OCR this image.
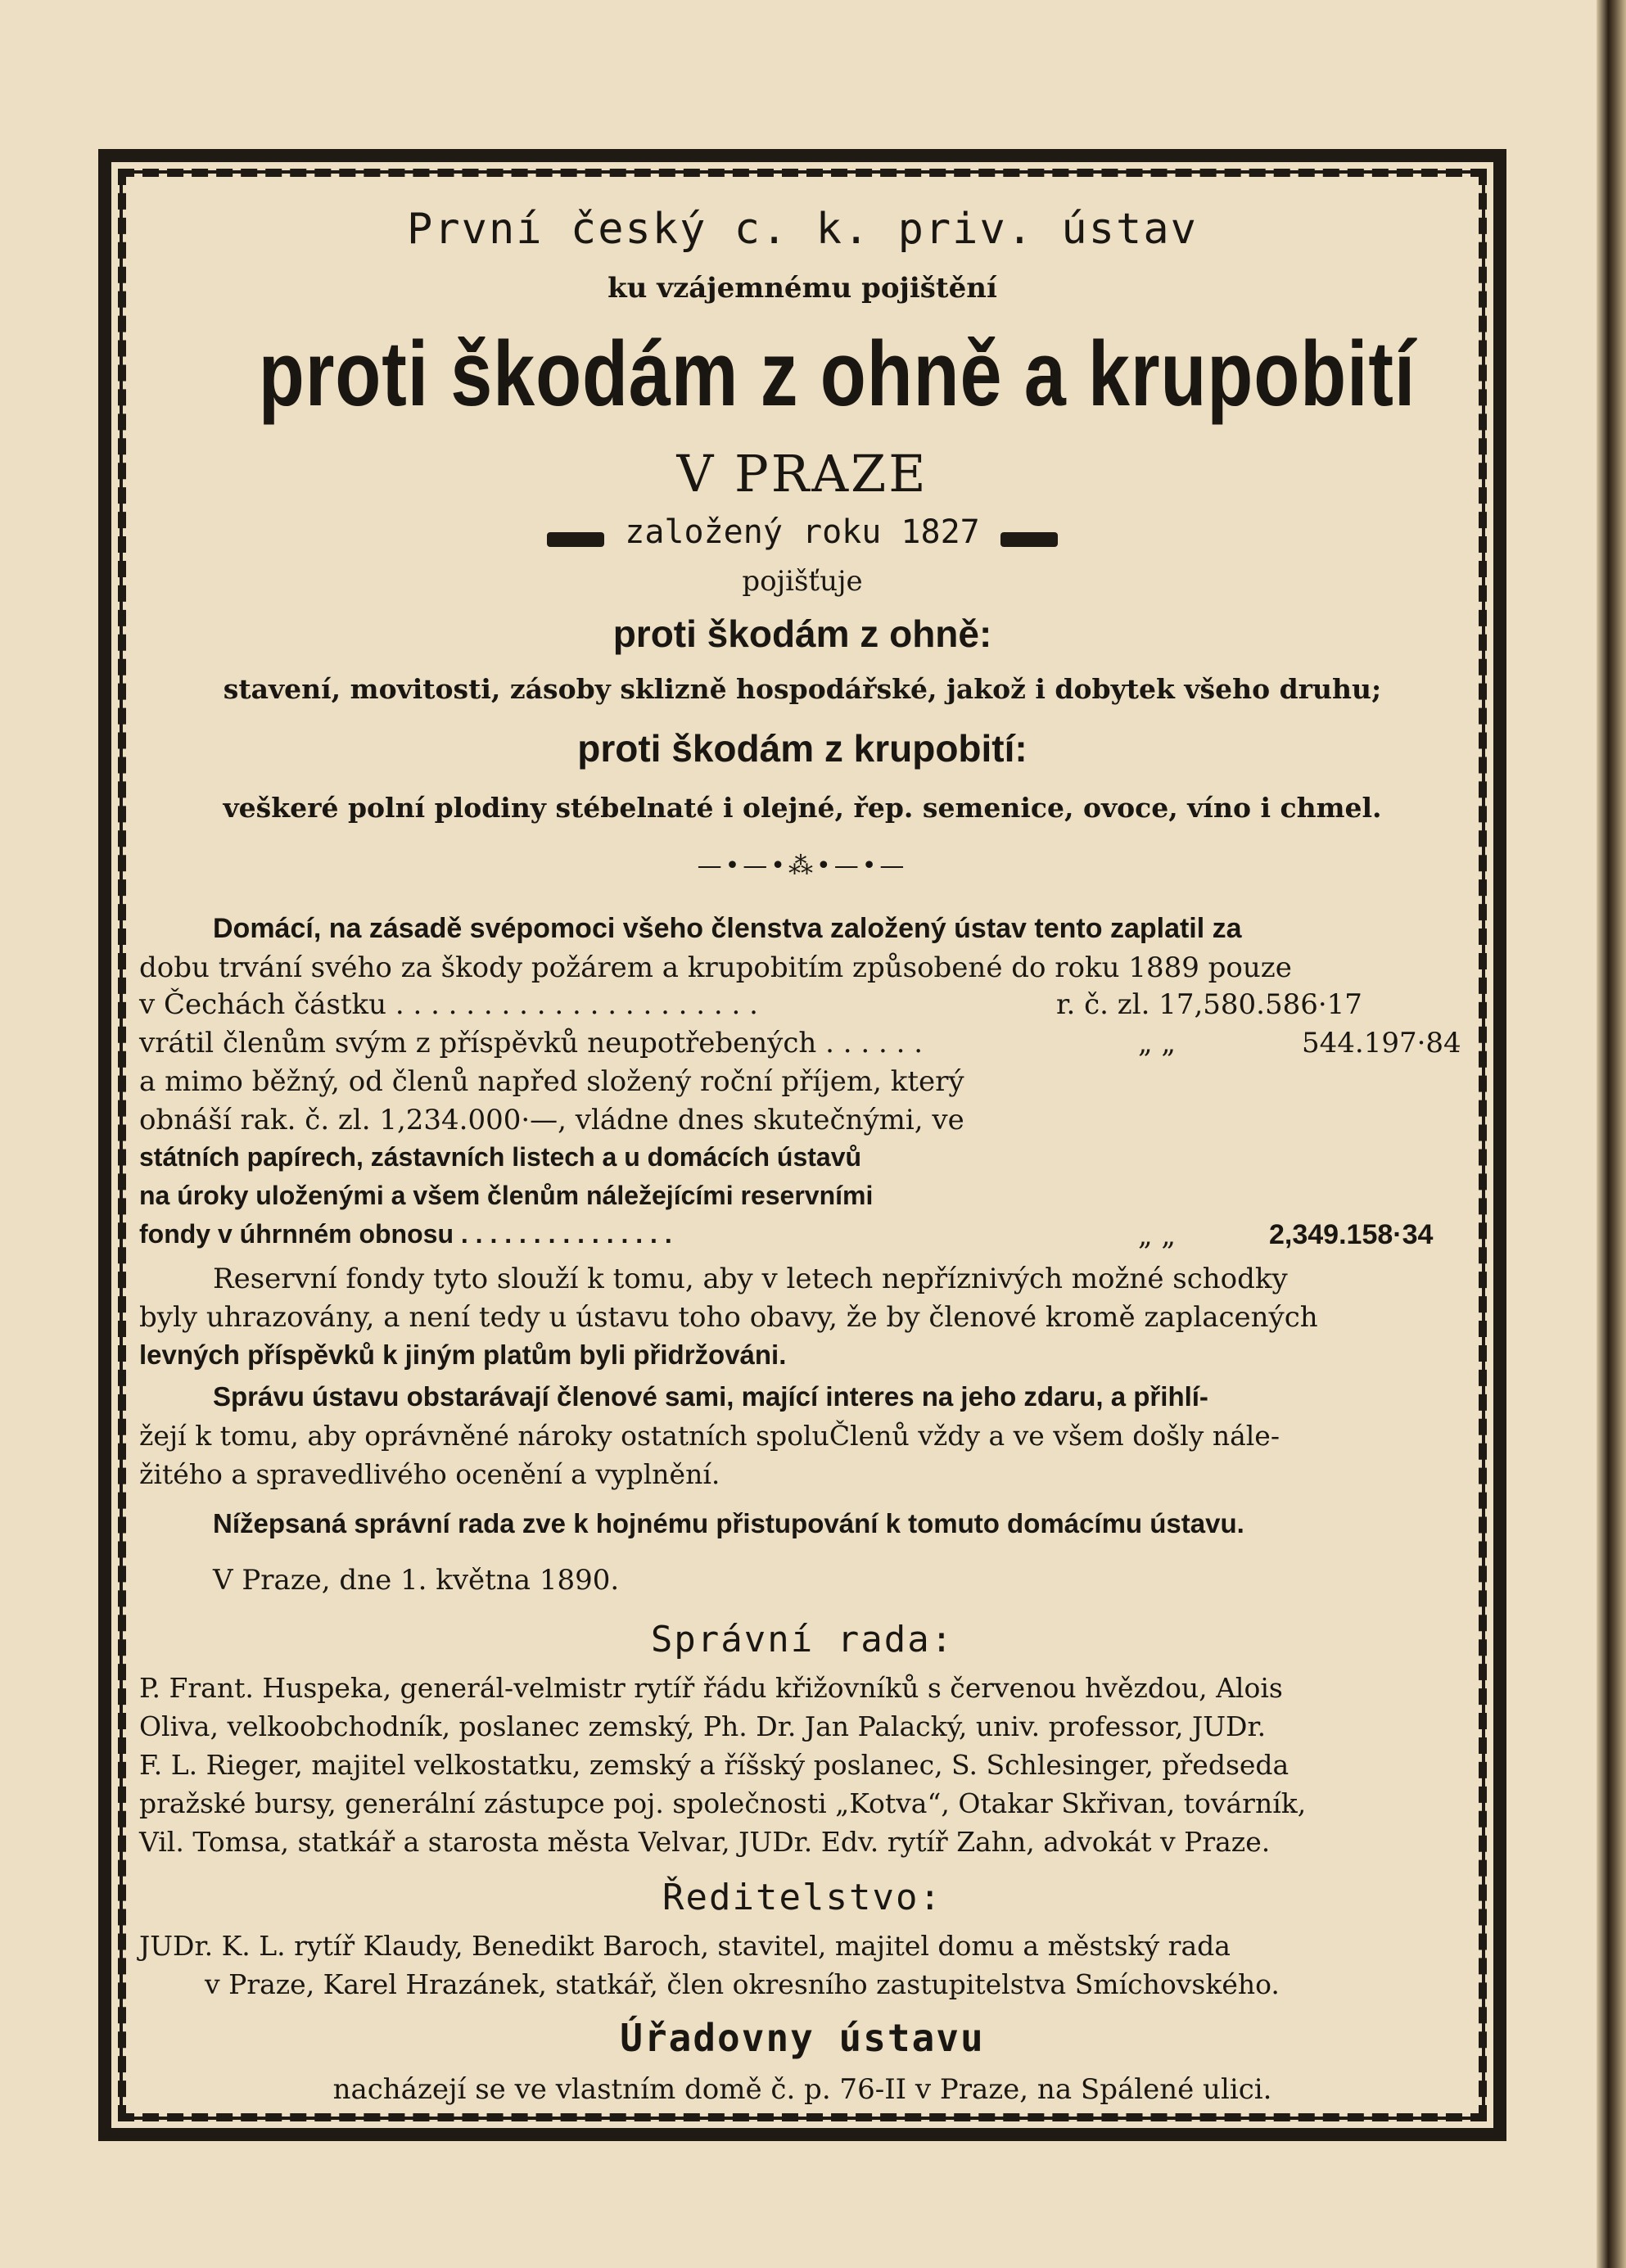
První český c. k. priv. ústav
ku vzájemnému pojištění
proti škodám z ohně a krupobití
V PRAZE
založený roku 1827
pojišťuje
proti škodám z ohně:
stavení, movitosti, zásoby sklizně hospodářské, jakož i dobytek všeho druhu;
proti škodám z krupobití:
veškeré polní plodiny stébelnaté i olejné, řep. semenice, ovoce, víno i chmel.
—•—•⁂•—•—
Domácí, na zásadě svépomoci všeho členstva založený ústav tento zaplatil za
dobu trvání svého za škody požárem a krupobitím způsobené do roku 1889 pouze
v Čechách částku . . . . . . . . . . . . . . . . . . . . .	r. č. zl. 17,580.586·17
vrátil členům svým z příspěvků neupotřebených . . . . . .	„ „	544.197·84
a mimo běžný, od členů napřed složený roční příjem, který
obnáší rak. č. zl. 1,234.000·—, vládne dnes skutečnými, ve
státních papírech, zástavních listech a u domácích ústavů
na úroky uloženými a všem členům náležejícími reservními
fondy v úhrnném obnosu . . . . . . . . . . . . . . .	„ „	2,349.158·34
Reservní fondy tyto slouží k tomu, aby v letech nepříznivých možné schodky
byly uhrazovány, a není tedy u ústavu toho obavy, že by členové kromě zaplacených
levných příspěvků k jiným platům byli přidržováni.
Správu ústavu obstarávají členové sami, mající interes na jeho zdaru, a přihlí-
žejí k tomu, aby oprávněné nároky ostatních spoluČlenů vždy a ve všem došly nále-
žitého a spravedlivého ocenění a vyplnění.
Nížepsaná správní rada zve k hojnému přistupování k tomuto domácímu ústavu.
V Praze, dne 1. května 1890.
Správní rada:
P. Frant. Huspeka, generál-velmistr rytíř řádu křižovníků s červenou hvězdou, Alois
Oliva, velkoobchodník, poslanec zemský, Ph. Dr. Jan Palacký, univ. professor, JUDr.
F. L. Rieger, majitel velkostatku, zemský a říšský poslanec, S. Schlesinger, předseda
pražské bursy, generální zástupce poj. společnosti „Kotva“, Otakar Skřivan, továrník,
Vil. Tomsa, statkář a starosta města Velvar, JUDr. Edv. rytíř Zahn, advokát v Praze.
Ředitelstvo:
JUDr. K. L. rytíř Klaudy, Benedikt Baroch, stavitel, majitel domu a městský rada
v Praze, Karel Hrazánek, statkář, člen okresního zastupitelstva Smíchovského.
Úřadovny ústavu
nacházejí se ve vlastním domě č. p. 76-II v Praze, na Spálené ulici.
